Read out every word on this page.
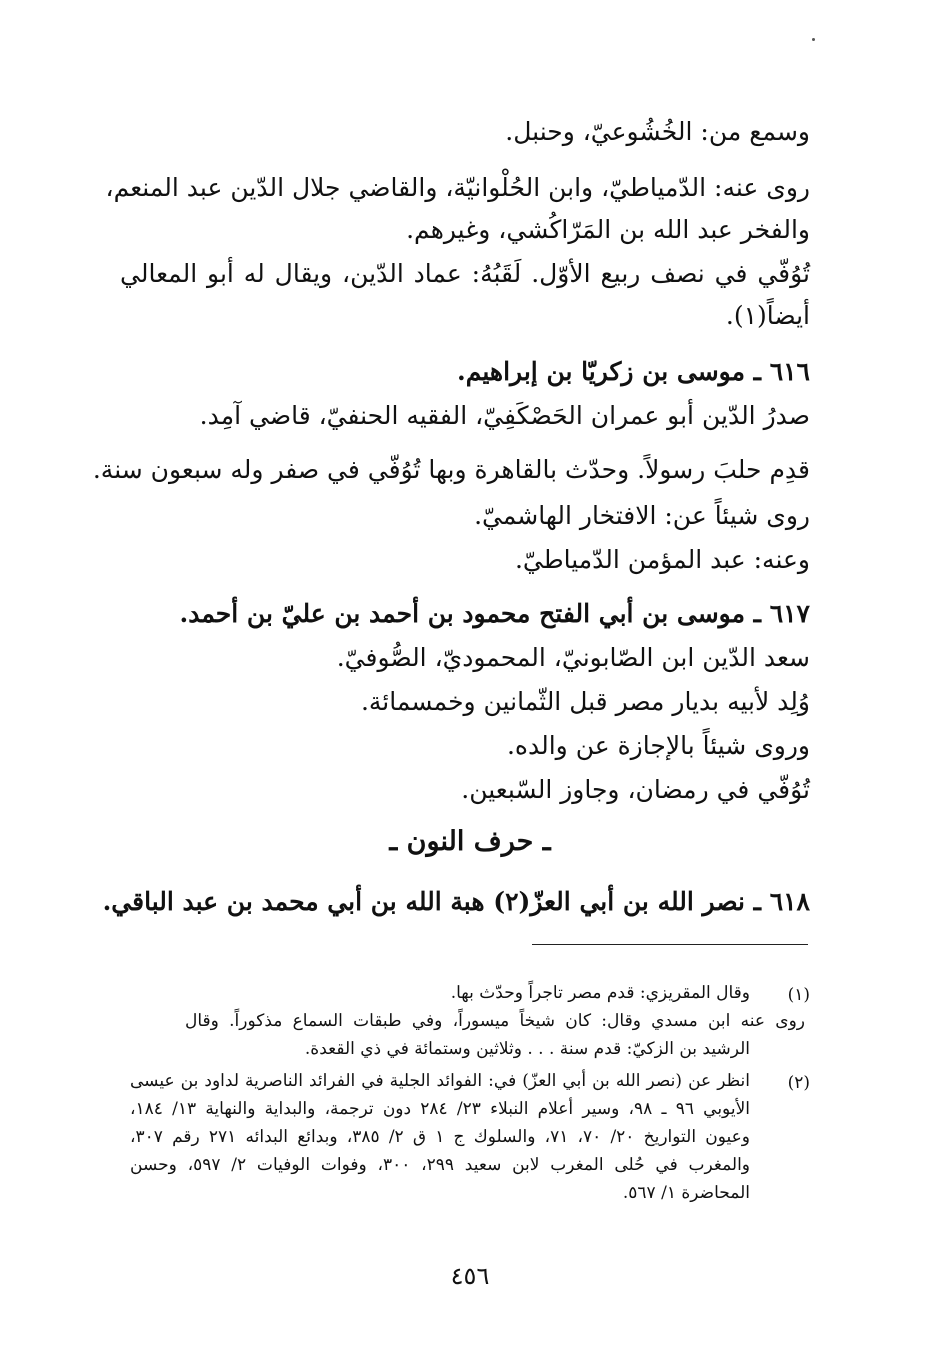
وسمع من: الخُشُوعيّ، وحنبل.
روى عنه: الدّمياطيّ، وابن الحُلْوانيّة، والقاضي جلال الدّين عبد المنعم،
والفخر عبد الله بن المَرّاكُشي، وغيرهم.
تُوُفّي في نصف ربيع الأوّل. لَقَبُهُ: عماد الدّين، ويقال له أبو المعالي
أيضاً(١).
٦١٦ ـ موسى بن زكريّا بن إبراهيم.
صدرُ الدّين أبو عمران الحَصْكَفِيّ، الفقيه الحنفيّ، قاضي آمِد.
قدِم حلبَ رسولاً. وحدّث بالقاهرة وبها تُوُفّي في صفر وله سبعون سنة.
روى شيئاً عن: الافتخار الهاشميّ.
وعنه: عبد المؤمن الدّمياطيّ.
٦١٧ ـ موسى بن أبي الفتح محمود بن أحمد بن عليّ بن أحمد.
سعد الدّين ابن الصّابونيّ، المحموديّ، الصُّوفيّ.
وُلِد لأبيه بديار مصر قبل الثّمانين وخمسمائة.
وروى شيئاً بالإجازة عن والده.
تُوُفّي في رمضان، وجاوز السّبعين.
ـ حرف النون ـ
٦١٨ ـ نصر الله بن أبي العزّ(٢) هبة الله بن أبي محمد بن عبد الباقي.
(١)
وقال المقريزي: قدم مصر تاجراً وحدّث بها.
روى عنه ابن مسدي وقال: كان شيخاً ميسوراً، وفي طبقات السماع مذكوراً. وقال
الرشيد بن الزكيّ: قدم سنة . . . وثلاثين وستمائة في ذي القعدة.
(٢)
انظر عن (نصر الله بن أبي العزّ) في: الفوائد الجلية في الفرائد الناصرية لداود بن عيسى
الأيوبي ٩٦ ـ ٩٨، وسير أعلام النبلاء ٢٣/ ٢٨٤ دون ترجمة، والبداية والنهاية ١٣/ ١٨٤،
وعيون التواريخ ٢٠/ ٧٠، ٧١، والسلوك ج ١ ق ٢/ ٣٨٥، وبدائع البدائه ٢٧١ رقم ٣٠٧،
والمغرب في حُلى المغرب لابن سعيد ٢٩٩، ٣٠٠، وفوات الوفيات ٢/ ٥٩٧، وحسن
المحاضرة ١/ ٥٦٧.
٤٥٦
